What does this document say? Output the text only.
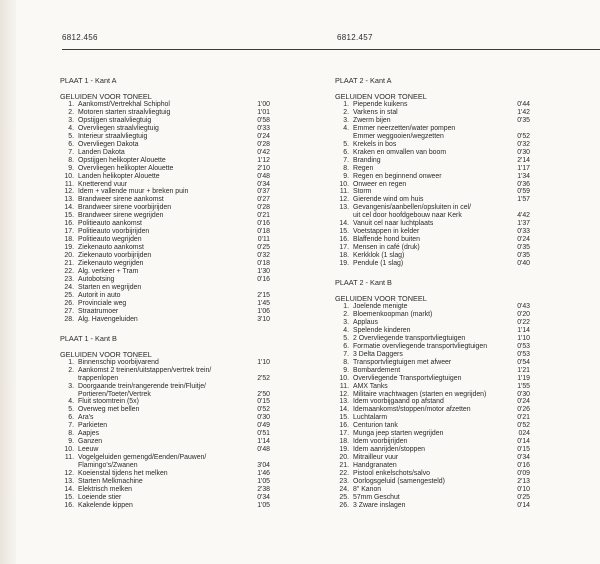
6812.456	6812.457
PLAAT 1 - Kant A
GELUIDEN VOOR TONEEL
1. Aankomst/Vertrekhal Schiphol	1'00
2. Motoren starten straalvliegtuig	1'01
3. Opstijgen straalvliegtuig	0'58
4. Overvliegen straalvliegtuig	0'33
5. Interieur straalvliegtuig	0'24
6. Overvliegen Dakota	0'28
7. Landen Dakota	0'42
8. Opstijgen helikopter Alouette	1'12
9. Overvliegen helikopter Alouette	2'10
10. Landen helikopter Alouette	0'48
11. Knetterend vuur	0'34
12. Idem + vallende muur + breken puin	0'37
13. Brandweer sirene aankomst	0'27
14. Brandweer sirene voorbijrijden	0'28
15. Brandweer sirene wegrijden	0'21
16. Politieauto aankomst	0'16
17. Politieauto voorbijrijden	0'18
18. Politieauto wegrijden	0'11
19. Ziekenauto aankomst	0'25
20. Ziekenauto voorbijrijden	0'32
21. Ziekenauto wegrijden	0'18
22. Alg. verkeer + Tram	1'30
23. Autobotsing	0'16
24. Starten en wegrijden
25. Autorit in auto	2'15
26. Provinciale weg	1'45
27. Straatrumoer	1'06
28. Alg. Havengeluiden	3'10
PLAAT 1 - Kant B
GELUIDEN VOOR TONEEL
1. Binnenschip voorbijvarend	1'10
2. Aankomst 2 treinen/uitstappen/vertrek trein/
trappenlopen	2'52
3. Doorgaande trein/rangerende trein/Fluitje/
Portieren/Toeter/Vertrek	2'50
4. Fluit stoomtrein (5x)	0'15
5. Overweg met bellen	0'52
6. Ara's	0'30
7. Parkieten	0'49
8. Aapjes	0'51
9. Ganzen	1'14
10. Leeuw	0'48
11. Vogelgeluiden gemengd/Eenden/Pauwen/
Flamingo's/Zwanen	3'04
12. Koeienstal tijdens het melken	1'46
13. Starten Melkmachine	1'05
14. Elektrisch melken	2'38
15. Loeiende stier	0'34
16. Kakelende kippen	1'05
PLAAT 2 - Kant A
GELUIDEN VOOR TONEEL
1. Piepende kuikens	0'44
2. Varkens in stal	1'42
3. Zwerm bijen	0'35
4. Emmer neerzetten/water pompen
Emmer weggooien/wegzetten	0'52
5. Krekels in bos	0'32
6. Kraken en omvallen van boom	0'30
7. Branding	2'14
8. Regen	1'17
9. Regen en beginnend onweer	1'34
10. Onweer en regen	0'36
11. Storm	0'59
12. Gierende wind om huis	1'57
13. Gevangenis/aanbellen/opsluiten in cel/
uit cel door hoofdgebouw naar Kerk	4'42
14. Vanuit cel naar luchtplaats	1'37
15. Voetstappen in kelder	0'33
16. Blaffende hond buiten	0'24
17. Mensen in café (druk)	0'35
18. Kerkklok (1 slag)	0'35
19. Pendule (1 slag)	0'40
PLAAT 2 - Kant B
GELUIDEN VOOR TONEEL
1. Joelende menigte	0'43
2. Bloemenkoopman (markt)	0'20
3. Applaus	0'22
4. Spelende kinderen	1'14
5. 2 Overvliegende transportvliegtuigen	1'10
6. Formatie overvliegende transportvliegtuigen	0'53
7. 3 Delta Daggers	0'53
8. Transportvliegtuigen met afweer	0'54
9. Bombardement	1'21
10. Overvliegende Transportvliegtuigen	1'19
11. AMX Tanks	1'55
12. Militaire vrachtwagen (starten en wegrijden)	0'30
13. Idem voorbijgaand op afstand	0'24
14. Idemaankomst/stoppen/motor afzetten	0'26
15. Luchtalarm	0'21
16. Centurion tank	0'52
17. Munga jeep starten wegrijden	024
18. Idem voorbijrijden	0'14
19. Idem aanrijden/stoppen	0'15
20. Mitrailleur vuur	0'34
21. Handgranaten	0'16
22. Pistool enkelschots/salvo	0'09
23. Oorlogsgeluid (samengesteld)	2'13
24. 8" Kanon	0'10
25. 57mm Geschut	0'25
26. 3 Zware inslagen	0'14
